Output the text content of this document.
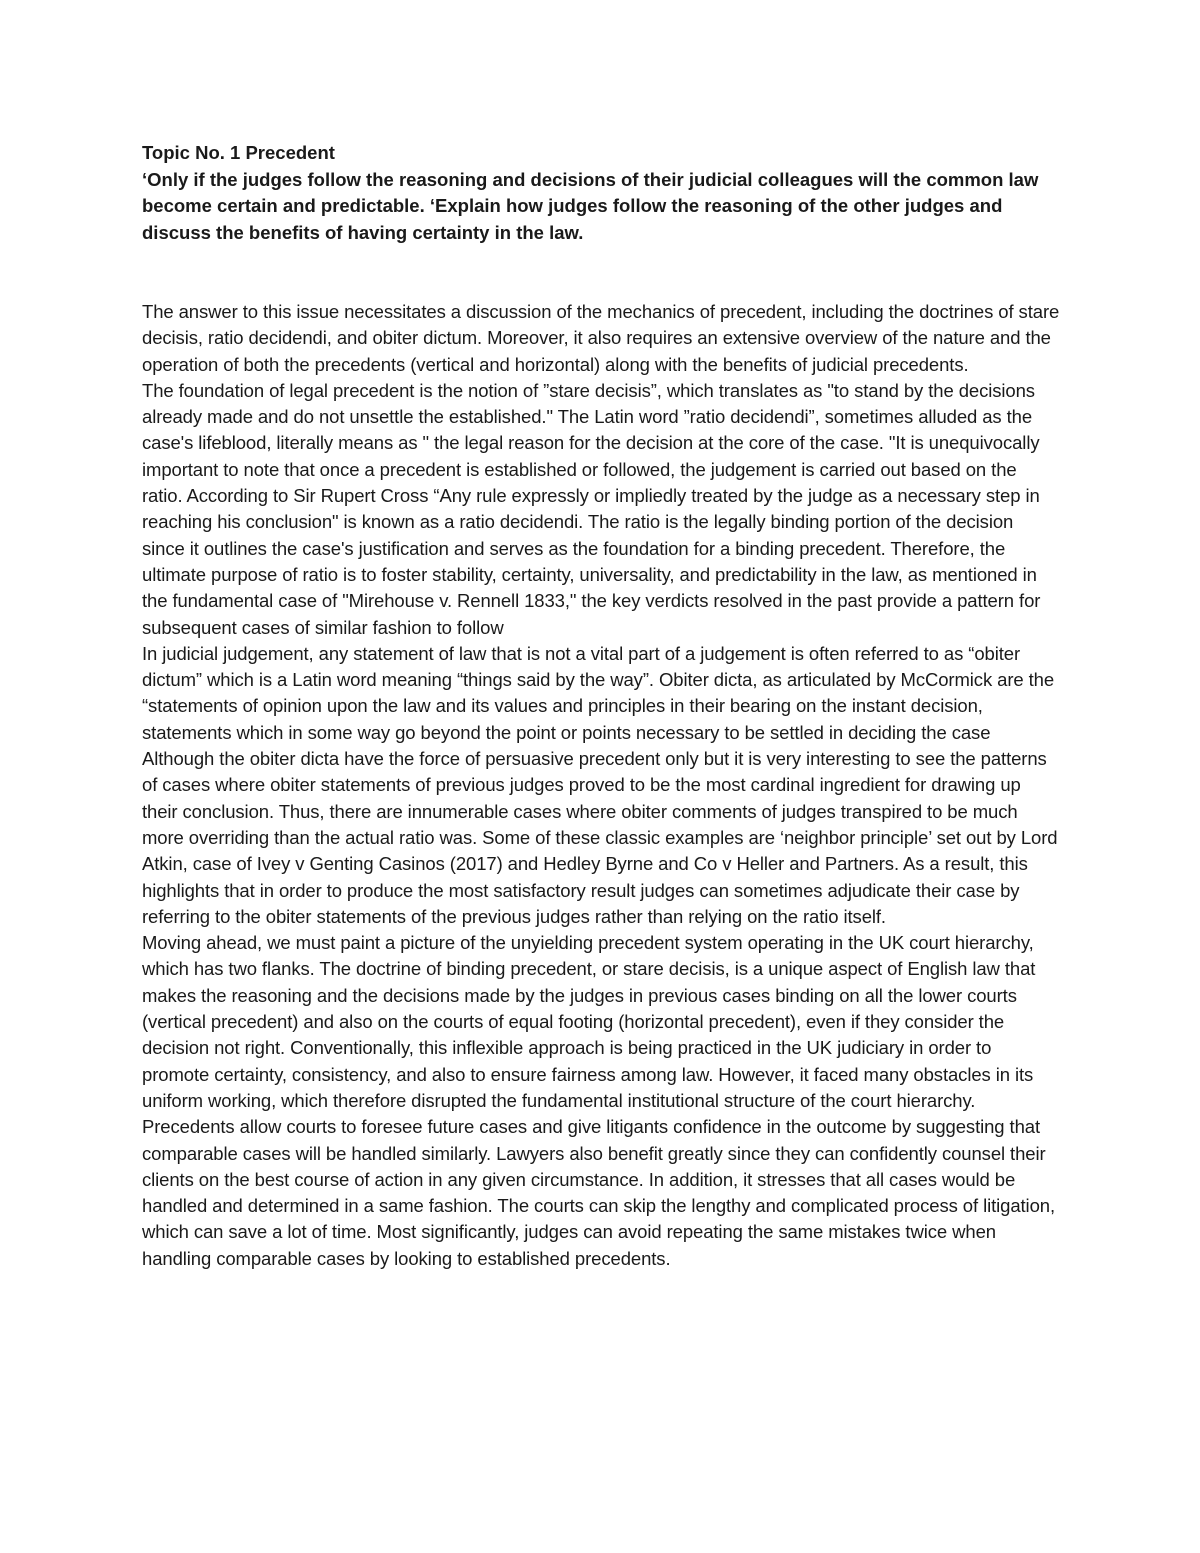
Topic No. 1 Precedent

‘Only if the judges follow the reasoning and decisions of their judicial colleagues will the common law become certain and predictable. ‘Explain how judges follow the reasoning of the other judges and discuss the benefits of having certainty in the law.

The answer to this issue necessitates a discussion of the mechanics of precedent, including the doctrines of stare decisis, ratio decidendi, and obiter dictum. Moreover, it also requires an extensive overview of the nature and the operation of both the precedents (vertical and horizontal) along with the benefits of judicial precedents.

The foundation of legal precedent is the notion of ”stare decisis”, which translates as "to stand by the decisions already made and do not unsettle the established." The Latin word ”ratio decidendi”, sometimes alluded as the case's lifeblood, literally means as " the legal reason for the decision at the core of the case. "It is unequivocally important to note that once a precedent is established or followed, the judgement is carried out based on the ratio. According to Sir Rupert Cross “Any rule expressly or impliedly treated by the judge as a necessary step in reaching his conclusion" is known as a ratio decidendi. The ratio is the legally binding portion of the decision since it outlines the case's justification and serves as the foundation for a binding precedent. Therefore, the ultimate purpose of ratio is to foster stability, certainty, universality, and predictability in the law, as mentioned in the fundamental case of "Mirehouse v. Rennell 1833," the key verdicts resolved in the past provide a pattern for subsequent cases of similar fashion to follow

In judicial judgement, any statement of law that is not a vital part of a judgement is often referred to as “obiter dictum” which is a Latin word meaning “things said by the way”. Obiter dicta, as articulated by McCormick are the “statements of opinion upon the law and its values and principles in their bearing on the instant decision, statements which in some way go beyond the point or points necessary to be settled in deciding the case Although the obiter dicta have the force of persuasive precedent only but it is very interesting to see the patterns of cases where obiter statements of previous judges proved to be the most cardinal ingredient for drawing up their conclusion. Thus, there are innumerable cases where obiter comments of judges transpired to be much more overriding than the actual ratio was. Some of these classic examples are ‘neighbor principle’ set out by Lord Atkin, case of Ivey v Genting Casinos (2017) and Hedley Byrne and Co v Heller and Partners. As a result, this highlights that in order to produce the most satisfactory result judges can sometimes adjudicate their case by referring to the obiter statements of the previous judges rather than relying on the ratio itself.

Moving ahead, we must paint a picture of the unyielding precedent system operating in the UK court hierarchy, which has two flanks. The doctrine of binding precedent, or stare decisis, is a unique aspect of English law that makes the reasoning and the decisions made by the judges in previous cases binding on all the lower courts (vertical precedent) and also on the courts of equal footing (horizontal precedent), even if they consider the decision not right. Conventionally, this inflexible approach is being practiced in the UK judiciary in order to promote certainty, consistency, and also to ensure fairness among law. However, it faced many obstacles in its uniform working, which therefore disrupted the fundamental institutional structure of the court hierarchy.

Precedents allow courts to foresee future cases and give litigants confidence in the outcome by suggesting that comparable cases will be handled similarly. Lawyers also benefit greatly since they can confidently counsel their clients on the best course of action in any given circumstance. In addition, it stresses that all cases would be handled and determined in a same fashion. The courts can skip the lengthy and complicated process of litigation, which can save a lot of time. Most significantly, judges can avoid repeating the same mistakes twice when handling comparable cases by looking to established precedents.
